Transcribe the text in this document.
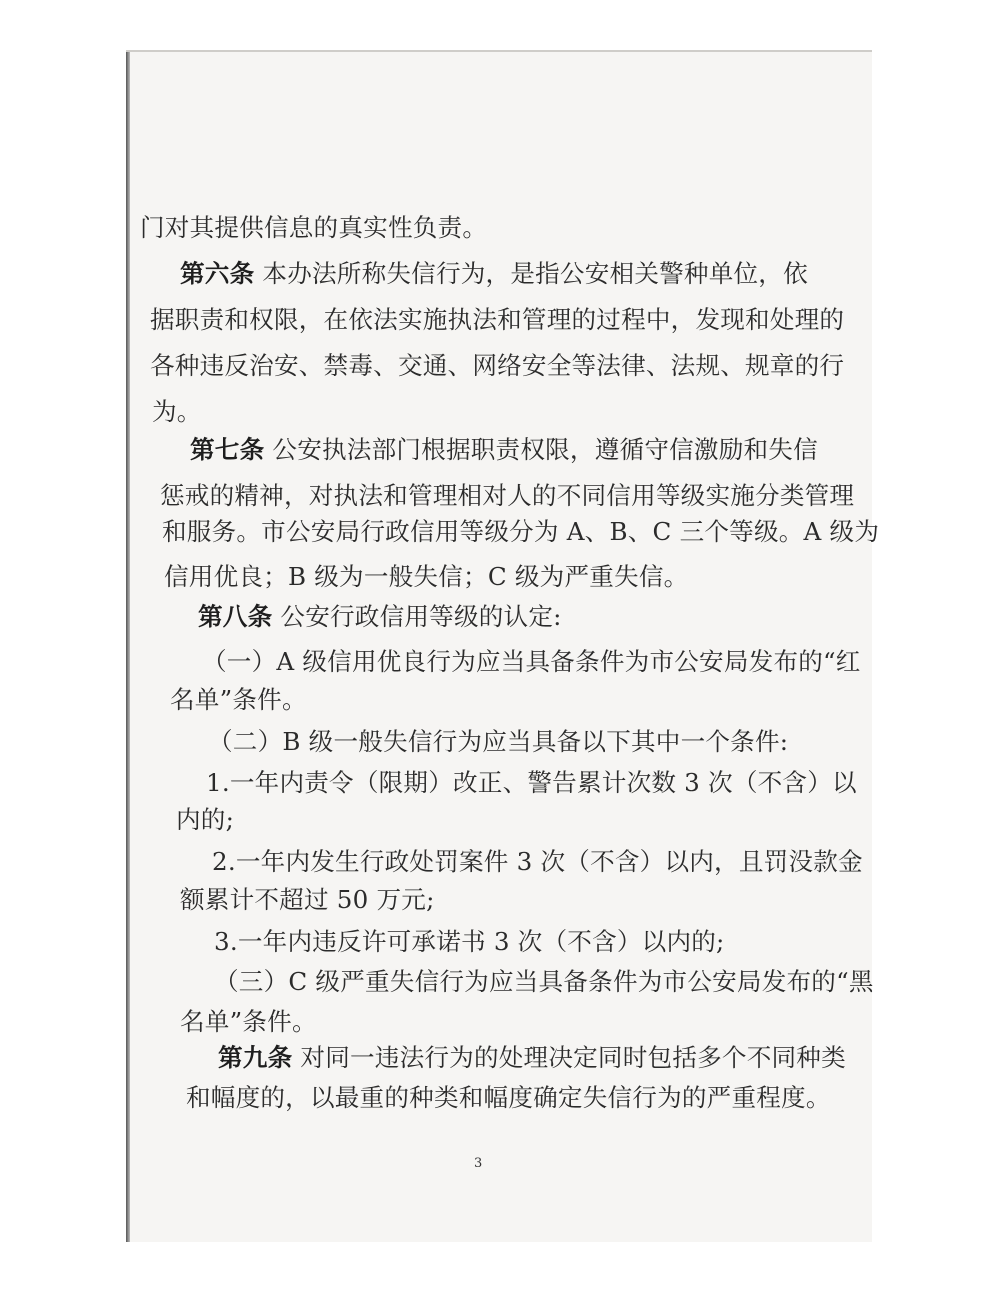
门对其提供信息的真实性负责。
第六条 本办法所称失信行为，是指公安相关警种单位，依
据职责和权限，在依法实施执法和管理的过程中，发现和处理的
各种违反治安、禁毒、交通、网络安全等法律、法规、规章的行
为。
第七条 公安执法部门根据职责权限，遵循守信激励和失信
惩戒的精神，对执法和管理相对人的不同信用等级实施分类管理
和服务。市公安局行政信用等级分为 A、B、C 三个等级。A 级为
信用优良；B 级为一般失信；C 级为严重失信。
第八条 公安行政信用等级的认定:
（一）A 级信用优良行为应当具备条件为市公安局发布的“红
名单”条件。
（二）B 级一般失信行为应当具备以下其中一个条件:
1.一年内责令（限期）改正、警告累计次数 3 次（不含）以
内的;
2.一年内发生行政处罚案件 3 次（不含）以内，且罚没款金
额累计不超过 50 万元;
3.一年内违反许可承诺书 3 次（不含）以内的;
（三）C 级严重失信行为应当具备条件为市公安局发布的“黑
名单”条件。
第九条 对同一违法行为的处理决定同时包括多个不同种类
和幅度的，以最重的种类和幅度确定失信行为的严重程度。
3
